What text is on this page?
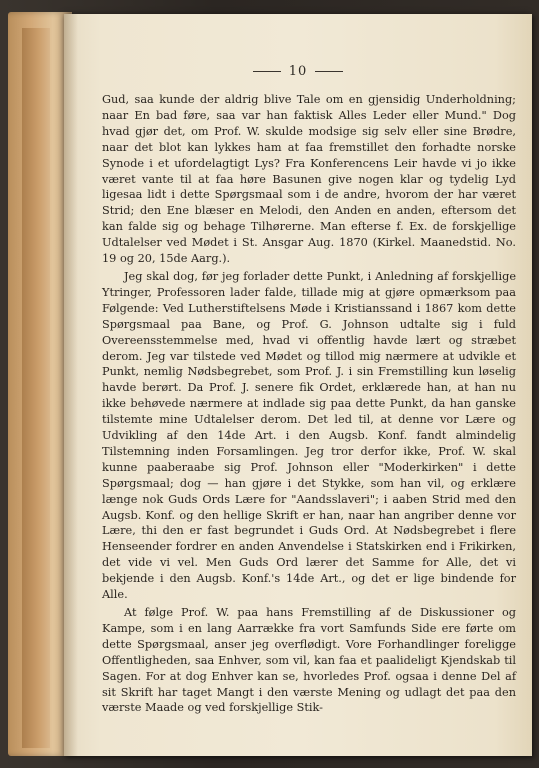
10

Gud, saa kunde der aldrig blive Tale om en gjensidig Underholdning; naar En bad føre, saa var han faktisk Alles Leder eller Mund." Dog hvad gjør det, om Prof. W. skulde modsige sig selv eller sine Brødre, naar det blot kan lykkes ham at faa fremstillet den forhadte norske Synode i et ufordelagtigt Lys? Fra Konferencens Leir havde vi jo ikke været vante til at faa høre Basunen give nogen klar og tydelig Lyd ligesaa lidt i dette Spørgsmaal som i de andre, hvorom der har været Strid; den Ene blæser en Melodi, den Anden en anden, eftersom det kan falde sig og behage Tilhørerne. Man efterse f. Ex. de forskjellige Udtalelser ved Mødet i St. Ansgar Aug. 1870 (Kirkel. Maanedstid. No. 19 og 20, 15de Aarg.).

Jeg skal dog, før jeg forlader dette Punkt, i Anledning af forskjellige Ytringer, Professoren lader falde, tillade mig at gjøre opmærksom paa Følgende: Ved Lutherstiftelsens Møde i Kristianssand i 1867 kom dette Spørgsmaal paa Bane, og Prof. G. Johnson udtalte sig i fuld Overeensstemmelse med, hvad vi offentlig havde lært og stræbet derom. Jeg var tilstede ved Mødet og tillod mig nærmere at udvikle et Punkt, nemlig Nødsbegrebet, som Prof. J. i sin Fremstilling kun løselig havde berørt. Da Prof. J. senere fik Ordet, erklærede han, at han nu ikke behøvede nærmere at indlade sig paa dette Punkt, da han ganske tilstemte mine Udtalelser derom. Det led til, at denne vor Lære og Udvikling af den 14de Art. i den Augsb. Konf. fandt almindelig Tilstemning inden Forsamlingen. Jeg tror derfor ikke, Prof. W. skal kunne paaberaabe sig Prof. Johnson eller "Moderkirken" i dette Spørgsmaal; dog — han gjøre i det Stykke, som han vil, og erklære længe nok Guds Ords Lære for "Aandsslaveri"; i aaben Strid med den Augsb. Konf. og den hellige Skrift er han, naar han angriber denne vor Lære, thi den er fast begrundet i Guds Ord. At Nødsbegrebet i flere Henseender fordrer en anden Anvendelse i Statskirken end i Frikirken, det vide vi vel. Men Guds Ord lærer det Samme for Alle, det vi bekjende i den Augsb. Konf.'s 14de Art., og det er lige bindende for Alle.

At følge Prof. W. paa hans Fremstilling af de Diskussioner og Kampe, som i en lang Aarrække fra vort Samfunds Side ere førte om dette Spørgsmaal, anser jeg overflødigt. Vore Forhandlinger foreligge Offentligheden, saa Enhver, som vil, kan faa et paalideligt Kjendskab til Sagen. For at dog Enhver kan se, hvorledes Prof. ogsaa i denne Del af sit Skrift har taget Mangt i den værste Mening og udlagt det paa den værste Maade og ved forskjellige Stik-
